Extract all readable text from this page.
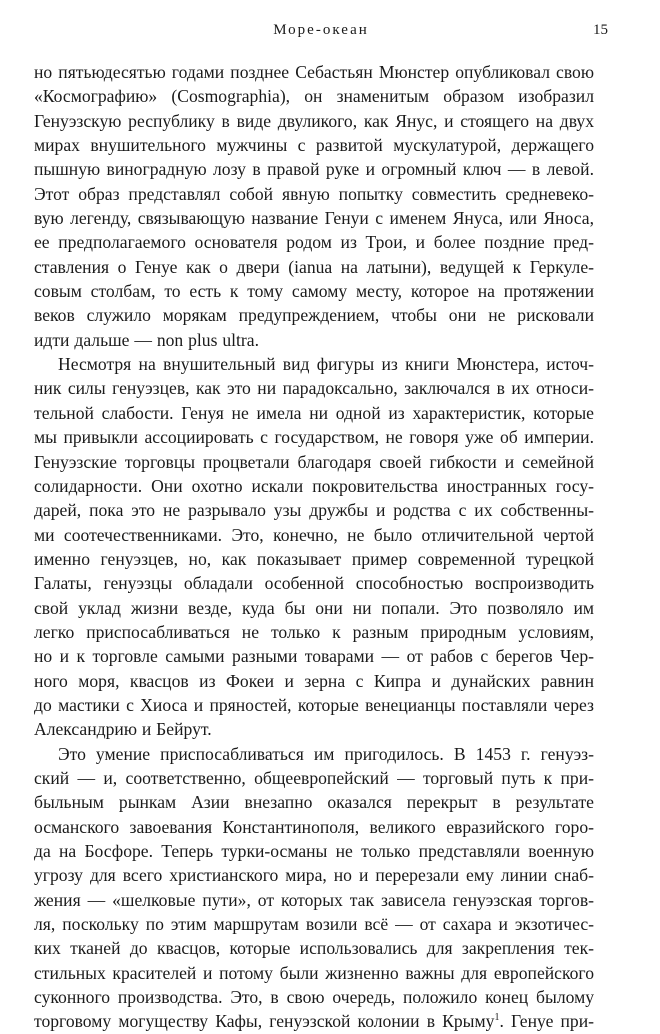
Море-океан	15
но пятьюдесятью годами позднее Себастьян Мюнстер опубликовал свою
«Космографию» (Cosmographia), он знаменитым образом изобразил
Генуэзскую республику в виде двуликого, как Янус, и стоящего на двух
мирах внушительного мужчины с развитой мускулатурой, держащего
пышную виноградную лозу в правой руке и огромный ключ — в левой.
Этот образ представлял собой явную попытку совместить средневеко-
вую легенду, связывающую название Генуи с именем Януса, или Яноса,
ее предполагаемого основателя родом из Трои, и более поздние пред-
ставления о Генуе как о двери (ianua на латыни), ведущей к Геркуле-
совым столбам, то есть к тому самому месту, которое на протяжении
веков служило морякам предупреждением, чтобы они не рисковали
идти дальше — non plus ultra.
Несмотря на внушительный вид фигуры из книги Мюнстера, источ-
ник силы генуэзцев, как это ни парадоксально, заключался в их относи-
тельной слабости. Генуя не имела ни одной из характеристик, которые
мы привыкли ассоциировать с государством, не говоря уже об империи.
Генуэзские торговцы процветали благодаря своей гибкости и семейной
солидарности. Они охотно искали покровительства иностранных госу-
дарей, пока это не разрывало узы дружбы и родства с их собственны-
ми соотечественниками. Это, конечно, не было отличительной чертой
именно генуэзцев, но, как показывает пример современной турецкой
Галаты, генуэзцы обладали особенной способностью воспроизводить
свой уклад жизни везде, куда бы они ни попали. Это позволяло им
легко приспосабливаться не только к разным природным условиям,
но и к торговле самыми разными товарами — от рабов с берегов Чер-
ного моря, квасцов из Фокеи и зерна с Кипра и дунайских равнин
до мастики с Хиоса и пряностей, которые венецианцы поставляли через
Александрию и Бейрут.
Это умение приспосабливаться им пригодилось. В 1453 г. генуэз-
ский — и, соответственно, общеевропейский — торговый путь к при-
быльным рынкам Азии внезапно оказался перекрыт в результате
османского завоевания Константинополя, великого евразийского горо-
да на Босфоре. Теперь турки-османы не только представляли военную
угрозу для всего христианского мира, но и перерезали ему линии снаб-
жения — «шелковые пути», от которых так зависела генуэзская торгов-
ля, поскольку по этим маршрутам возили всё — от сахара и экзотичес-
ких тканей до квасцов, которые использовались для закрепления тек-
стильных красителей и потому были жизненно важны для европейского
суконного производства. Это, в свою очередь, положило конец былому
торговому могуществу Кафы, генуэзской колонии в Крыму$^1$. Генуе при-
